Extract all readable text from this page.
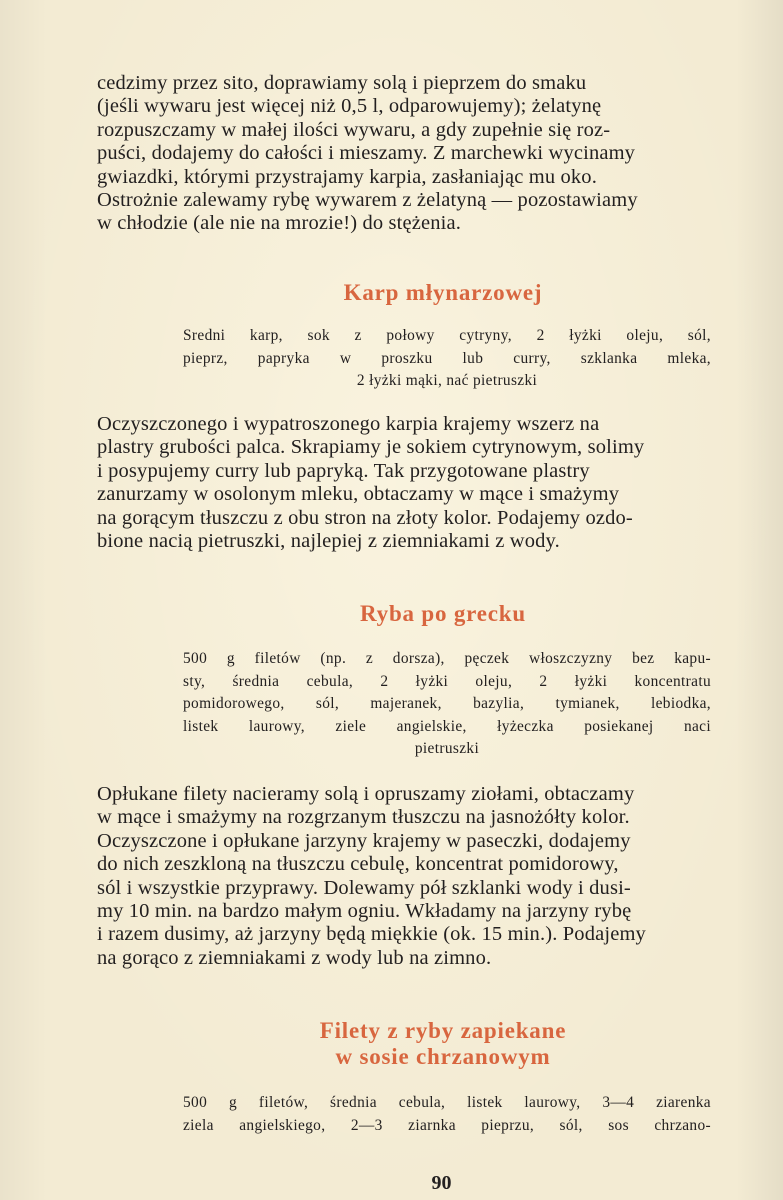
cedzimy przez sito, doprawiamy solą i pieprzem do smaku
(jeśli wywaru jest więcej niż 0,5 l, odparowujemy); żelatynę
rozpuszczamy w małej ilości wywaru, a gdy zupełnie się roz-
puści, dodajemy do całości i mieszamy. Z marchewki wycinamy
gwiazdki, którymi przystrajamy karpia, zasłaniając mu oko.
Ostrożnie zalewamy rybę wywarem z żelatyną — pozostawiamy
w chłodzie (ale nie na mrozie!) do stężenia.
Karp młynarzowej
Sredni karp, sok z połowy cytryny, 2 łyżki oleju, sól,
pieprz, papryka w proszku lub curry, szklanka mleka,
2 łyżki mąki, nać pietruszki
Oczyszczonego i wypatroszonego karpia krajemy wszerz na
plastry grubości palca. Skrapiamy je sokiem cytrynowym, solimy
i posypujemy curry lub papryką. Tak przygotowane plastry
zanurzamy w osolonym mleku, obtaczamy w mące i smażymy
na gorącym tłuszczu z obu stron na złoty kolor. Podajemy ozdo-
bione nacią pietruszki, najlepiej z ziemniakami z wody.
Ryba po grecku
500 g filetów (np. z dorsza), pęczek włoszczyzny bez kapu-
sty, średnia cebula, 2 łyżki oleju, 2 łyżki koncentratu
pomidorowego, sól, majeranek, bazylia, tymianek, lebiodka,
listek laurowy, ziele angielskie, łyżeczka posiekanej naci
pietruszki
Opłukane filety nacieramy solą i opruszamy ziołami, obtaczamy
w mące i smażymy na rozgrzanym tłuszczu na jasnożółty kolor.
Oczyszczone i opłukane jarzyny krajemy w paseczki, dodajemy
do nich zeszkloną na tłuszczu cebulę, koncentrat pomidorowy,
sól i wszystkie przyprawy. Dolewamy pół szklanki wody i dusi-
my 10 min. na bardzo małym ogniu. Wkładamy na jarzyny rybę
i razem dusimy, aż jarzyny będą miękkie (ok. 15 min.). Podajemy
na gorąco z ziemniakami z wody lub na zimno.
Filety z ryby zapiekane
w sosie chrzanowym
500 g filetów, średnia cebula, listek laurowy, 3—4 ziarenka
ziela angielskiego, 2—3 ziarnka pieprzu, sól, sos chrzano-
90
